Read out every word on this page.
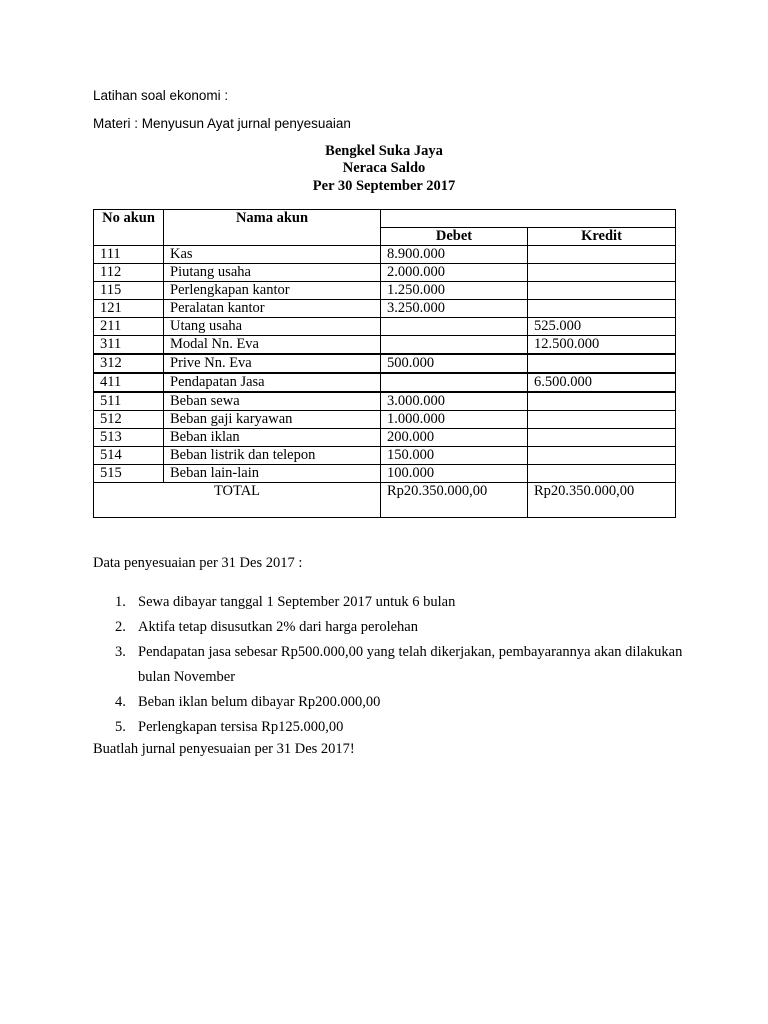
Latihan soal ekonomi :
Materi : Menyusun Ayat jurnal penyesuaian
Bengkel Suka Jaya
Neraca Saldo
Per 30 September 2017
No akun	Nama akun		
		Debet	Kredit
111	Kas	8.900.000	
112	Piutang usaha	2.000.000	
115	Perlengkapan kantor	1.250.000	
121	Peralatan kantor	3.250.000	
211	Utang usaha		525.000
311	Modal Nn. Eva		12.500.000
312	Prive Nn. Eva	500.000	
411	Pendapatan Jasa		6.500.000
511	Beban sewa	3.000.000	
512	Beban gaji karyawan	1.000.000	
513	Beban iklan	200.000	
514	Beban listrik dan telepon	150.000	
515	Beban lain-lain	100.000	
TOTAL		Rp20.350.000,00	Rp20.350.000,00
Data penyesuaian per 31 Des 2017 :
1. Sewa dibayar tanggal 1 September 2017 untuk 6 bulan
2. Aktifa tetap disusutkan 2% dari harga perolehan
3. Pendapatan jasa sebesar Rp500.000,00 yang telah dikerjakan, pembayarannya akan dilakukan bulan November
4. Beban iklan belum dibayar Rp200.000,00
5. Perlengkapan tersisa Rp125.000,00
Buatlah jurnal penyesuaian per 31 Des 2017!
